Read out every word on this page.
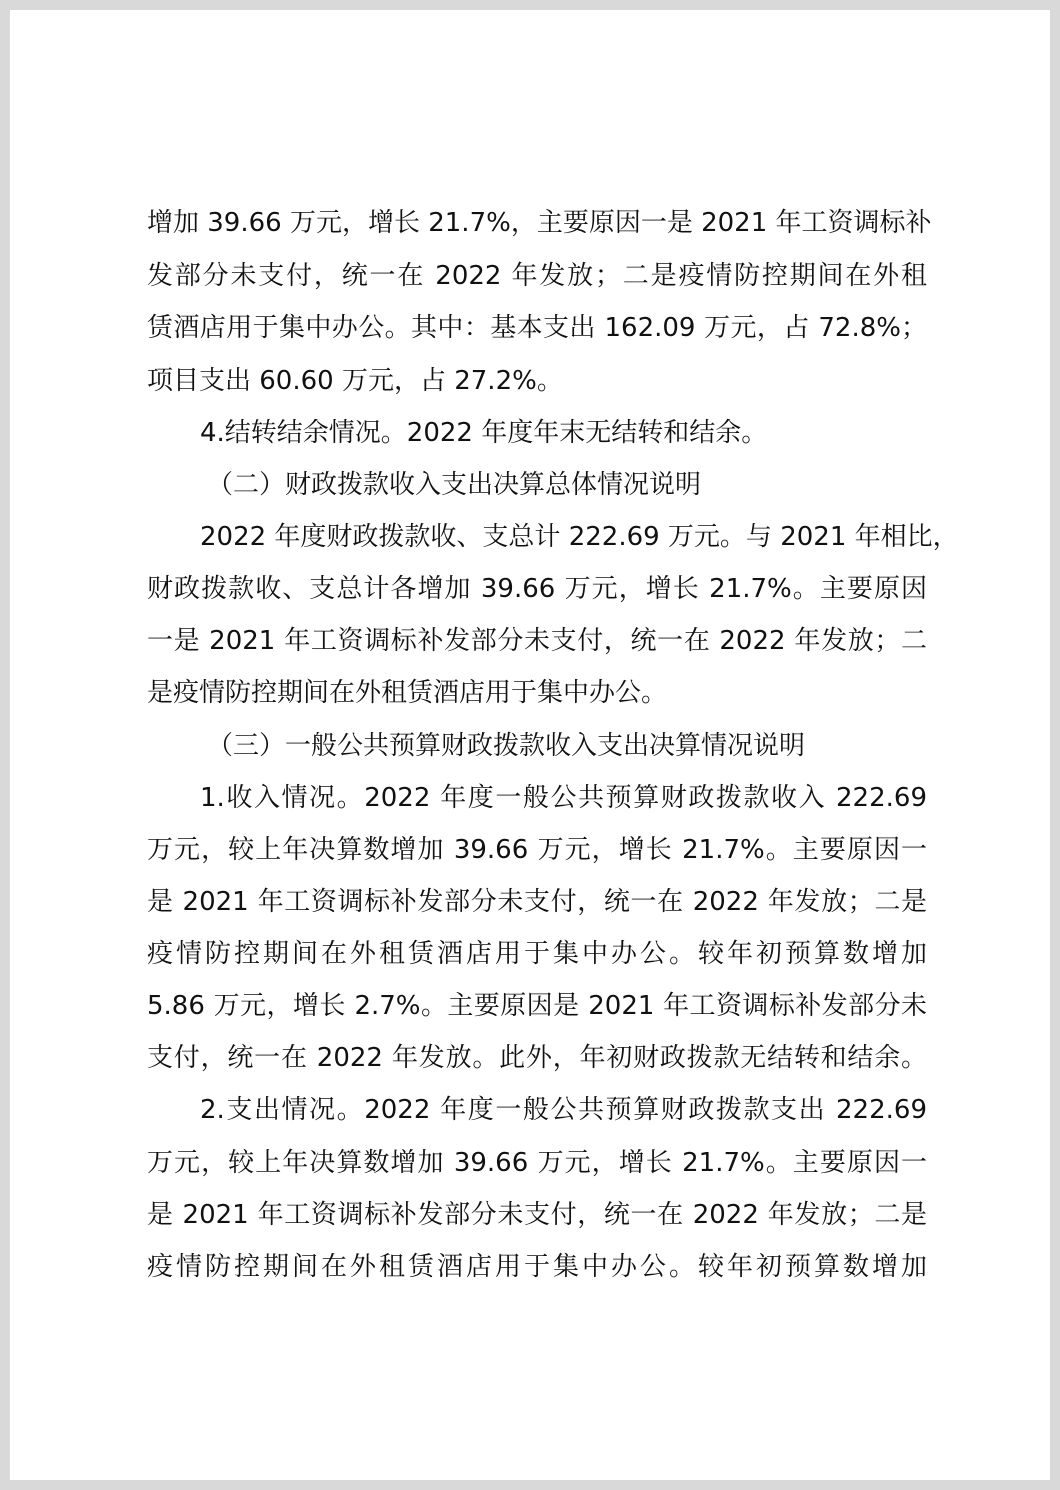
增加 39.66 万元，增长 21.7%，主要原因一是 2021 年工资调标补

发部分未支付，统一在 2022 年发放；二是疫情防控期间在外租

赁酒店用于集中办公。其中：基本支出 162.09 万元，占 72.8%；

项目支出 60.60 万元，占 27.2%。

4.结转结余情况。2022 年度年末无结转和结余。

（二）财政拨款收入支出决算总体情况说明

2022 年度财政拨款收、支总计 222.69 万元。与 2021 年相比，

财政拨款收、支总计各增加 39.66 万元，增长 21.7%。主要原因

一是 2021 年工资调标补发部分未支付，统一在 2022 年发放；二

是疫情防控期间在外租赁酒店用于集中办公。

（三）一般公共预算财政拨款收入支出决算情况说明

1.收入情况。2022 年度一般公共预算财政拨款收入 222.69

万元，较上年决算数增加 39.66 万元，增长 21.7%。主要原因一

是 2021 年工资调标补发部分未支付，统一在 2022 年发放；二是

疫情防控期间在外租赁酒店用于集中办公。较年初预算数增加

5.86 万元，增长 2.7%。主要原因是 2021 年工资调标补发部分未

支付，统一在 2022 年发放。此外，年初财政拨款无结转和结余。

2.支出情况。2022 年度一般公共预算财政拨款支出 222.69

万元，较上年决算数增加 39.66 万元，增长 21.7%。主要原因一

是 2021 年工资调标补发部分未支付，统一在 2022 年发放；二是

疫情防控期间在外租赁酒店用于集中办公。较年初预算数增加
